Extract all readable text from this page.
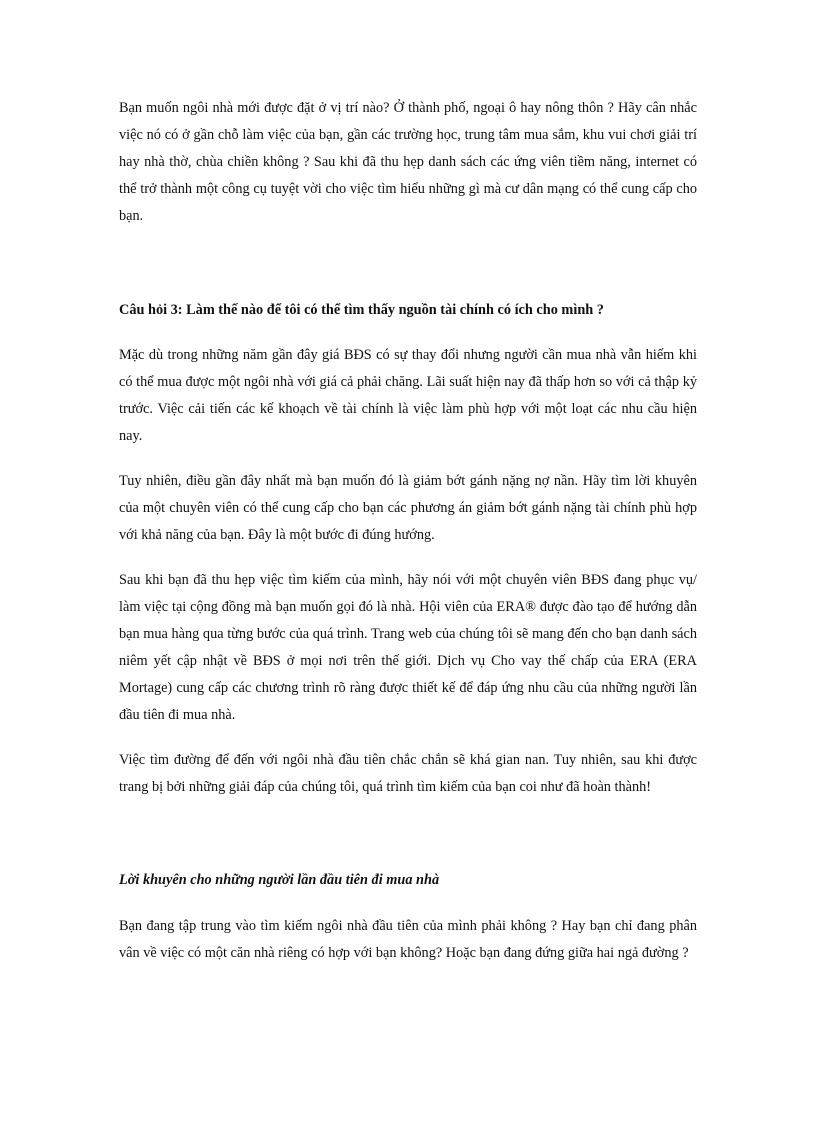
Bạn muốn ngôi nhà mới được đặt ở vị trí nào? Ở thành phố, ngoại ô hay nông thôn ? Hãy cân nhắc việc nó có ở gần chỗ làm việc của bạn, gần các trường học, trung tâm mua sắm, khu vui chơi giải trí hay nhà thờ, chùa chiền không ? Sau khi đã thu hẹp danh sách các ứng viên tiềm năng, internet có thể trở thành một công cụ tuyệt vời cho việc tìm hiểu những gì mà cư dân mạng có thể cung cấp cho bạn.

Câu hỏi 3: Làm thế nào để tôi có thể tìm thấy nguồn tài chính có ích cho mình ?

Mặc dù trong những năm gần đây giá BĐS có sự thay đổi nhưng người cần mua nhà vẫn hiếm khi có thể mua được một ngôi nhà với giá cả phải chăng. Lãi suất hiện nay đã thấp hơn so với cả thập kỷ trước. Việc cải tiến các kế khoạch về tài chính là việc làm phù hợp với một loạt các nhu cầu hiện nay.

Tuy nhiên, điều gần đây nhất mà bạn muốn đó là giảm bớt gánh nặng nợ nần. Hãy tìm lời khuyên của một chuyên viên có thể cung cấp cho bạn các phương án giảm bớt gánh nặng tài chính phù hợp với khả năng của bạn. Đây là một bước đi đúng hướng.

Sau khi bạn đã thu hẹp việc tìm kiếm của mình, hãy nói với một chuyên viên BĐS đang phục vụ/ làm việc tại cộng đồng mà bạn muốn gọi đó là nhà. Hội viên của ERA® được đào tạo để hướng dẫn bạn mua hàng qua từng bước của quá trình. Trang web của chúng tôi sẽ mang đến cho bạn danh sách niêm yết cập nhật về BĐS ở mọi nơi trên thế giới. Dịch vụ Cho vay thế chấp của ERA (ERA Mortage) cung cấp các chương trình rõ ràng được thiết kế để đáp ứng nhu cầu của những người lần đầu tiên đi mua nhà.

Việc tìm đường để đến với ngôi nhà đầu tiên chắc chắn sẽ khá gian nan. Tuy nhiên, sau khi được trang bị bởi những giải đáp của chúng tôi, quá trình tìm kiếm của bạn coi như đã hoàn thành!

Lời khuyên cho những người lần đầu tiên đi mua nhà

Bạn đang tập trung vào tìm kiếm ngôi nhà đầu tiên của mình phải không ? Hay bạn chỉ đang phân vân về việc có một căn nhà riêng có hợp với bạn không? Hoặc bạn đang đứng giữa hai ngả đường ?
